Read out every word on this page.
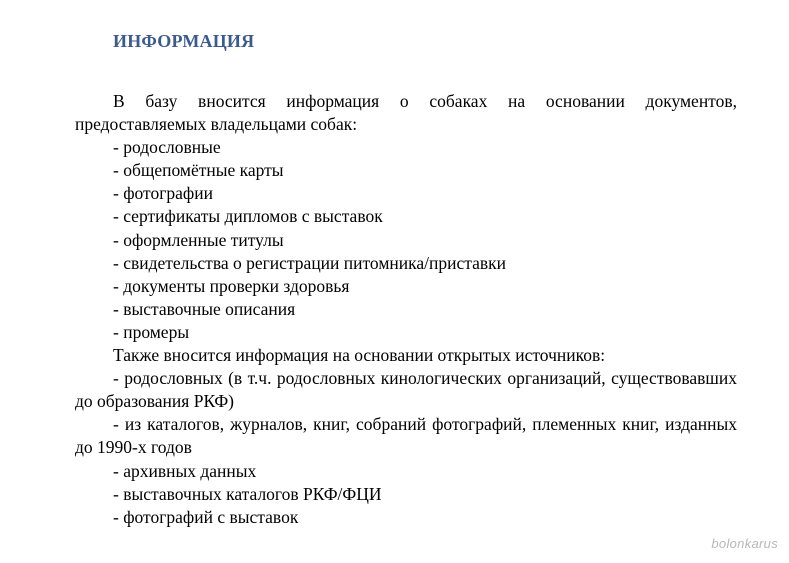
ИНФОРМАЦИЯ
В базу вносится информация о собаках на основании документов, предоставляемых владельцами собак:
- родословные
- общепомётные карты
- фотографии
- сертификаты дипломов с выставок
- оформленные титулы
- свидетельства о регистрации питомника/приставки
- документы проверки здоровья
- выставочные описания
- промеры
Также вносится информация на основании открытых источников:
- родословных (в т.ч. родословных кинологических организаций, существовавших до образования РКФ)
- из каталогов, журналов, книг, собраний фотографий, племенных книг, изданных до 1990-х годов
- архивных данных
- выставочных каталогов РКФ/ФЦИ
- фотографий с выставок
bolonkarus
